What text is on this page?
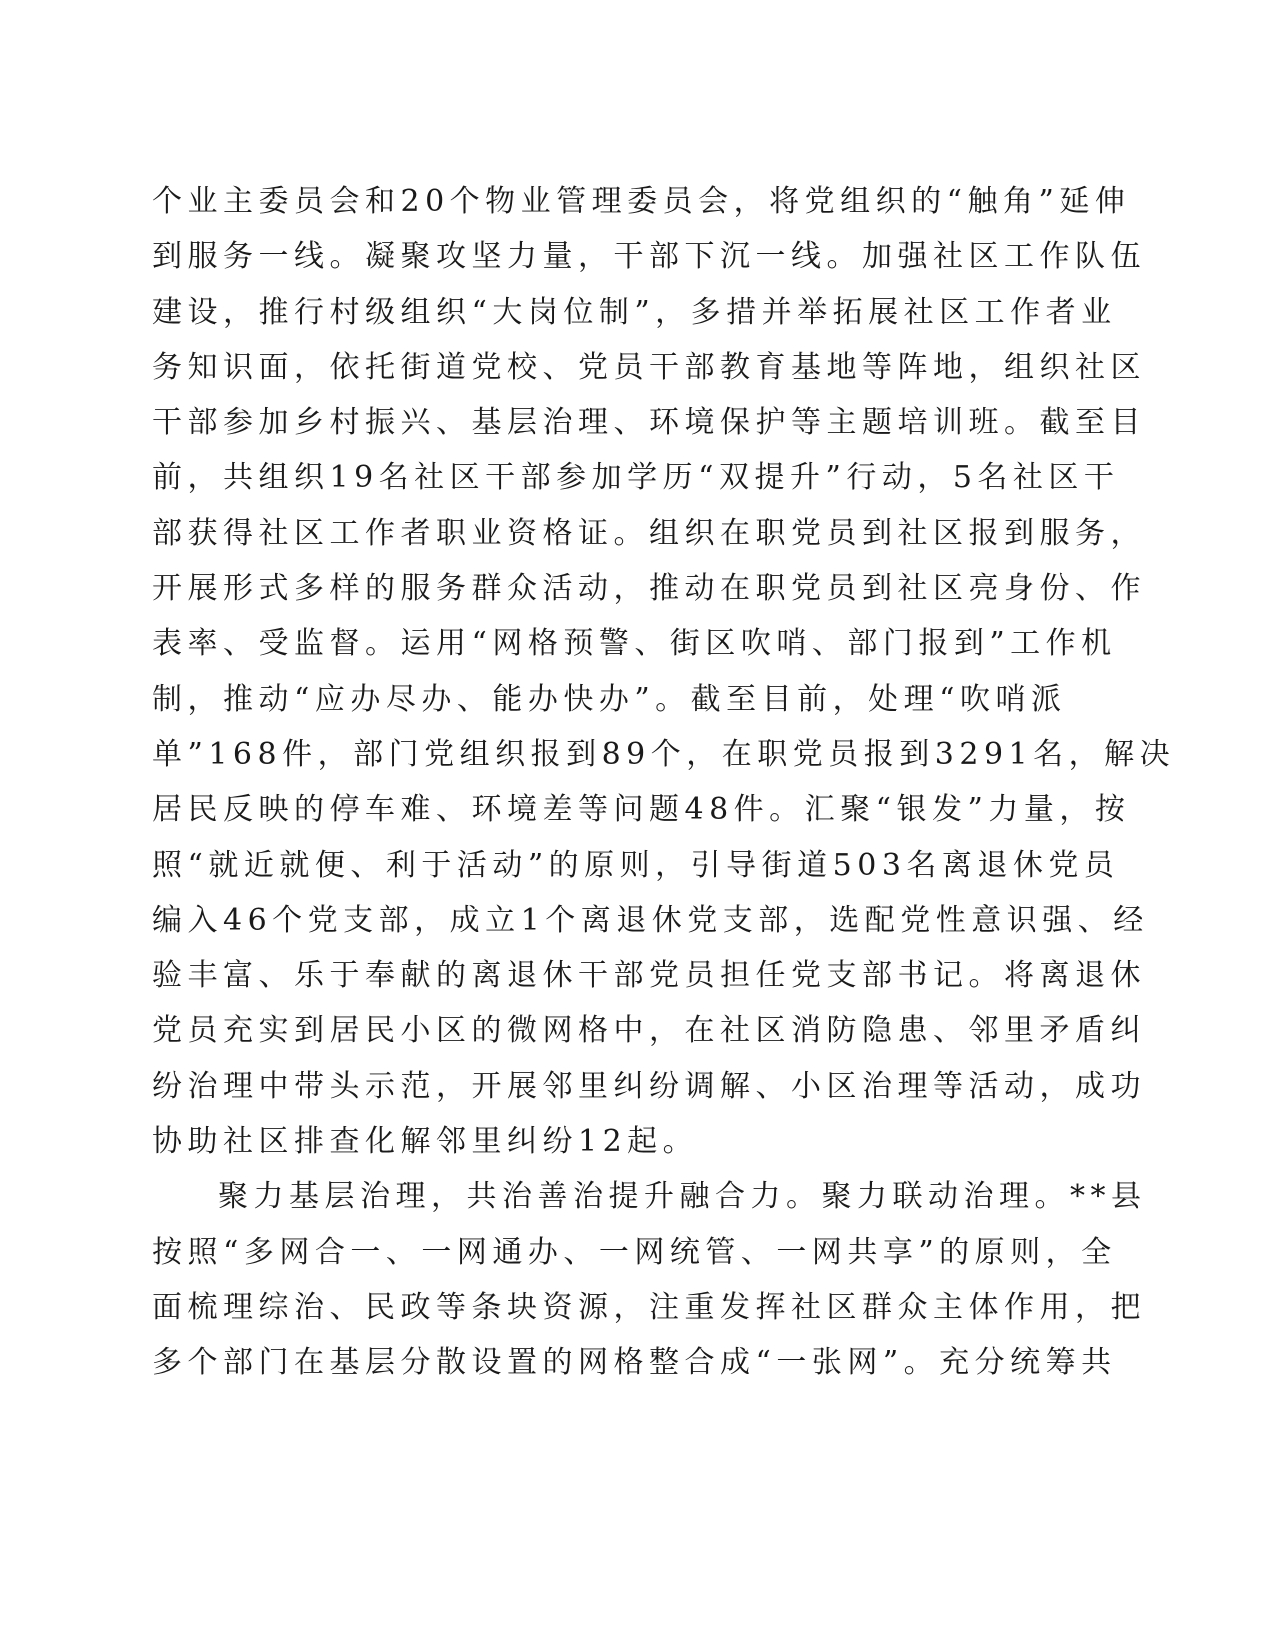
个业主委员会和20个物业管理委员会，将党组织的“触角”延伸
到服务一线。凝聚攻坚力量，干部下沉一线。加强社区工作队伍
建设，推行村级组织“大岗位制”，多措并举拓展社区工作者业
务知识面，依托街道党校、党员干部教育基地等阵地，组织社区
干部参加乡村振兴、基层治理、环境保护等主题培训班。截至目
前，共组织19名社区干部参加学历“双提升”行动，5名社区干
部获得社区工作者职业资格证。组织在职党员到社区报到服务，
开展形式多样的服务群众活动，推动在职党员到社区亮身份、作
表率、受监督。运用“网格预警、街区吹哨、部门报到”工作机
制，推动“应办尽办、能办快办”。截至目前，处理“吹哨派
单”168件，部门党组织报到89个，在职党员报到3291名，解决
居民反映的停车难、环境差等问题48件。汇聚“银发”力量，按
照“就近就便、利于活动”的原则，引导街道503名离退休党员
编入46个党支部，成立1个离退休党支部，选配党性意识强、经
验丰富、乐于奉献的离退休干部党员担任党支部书记。将离退休
党员充实到居民小区的微网格中，在社区消防隐患、邻里矛盾纠
纷治理中带头示范，开展邻里纠纷调解、小区治理等活动，成功
协助社区排查化解邻里纠纷12起。
聚力基层治理，共治善治提升融合力。聚力联动治理。**县
按照“多网合一、一网通办、一网统管、一网共享”的原则，全
面梳理综治、民政等条块资源，注重发挥社区群众主体作用，把
多个部门在基层分散设置的网格整合成“一张网”。充分统筹共
